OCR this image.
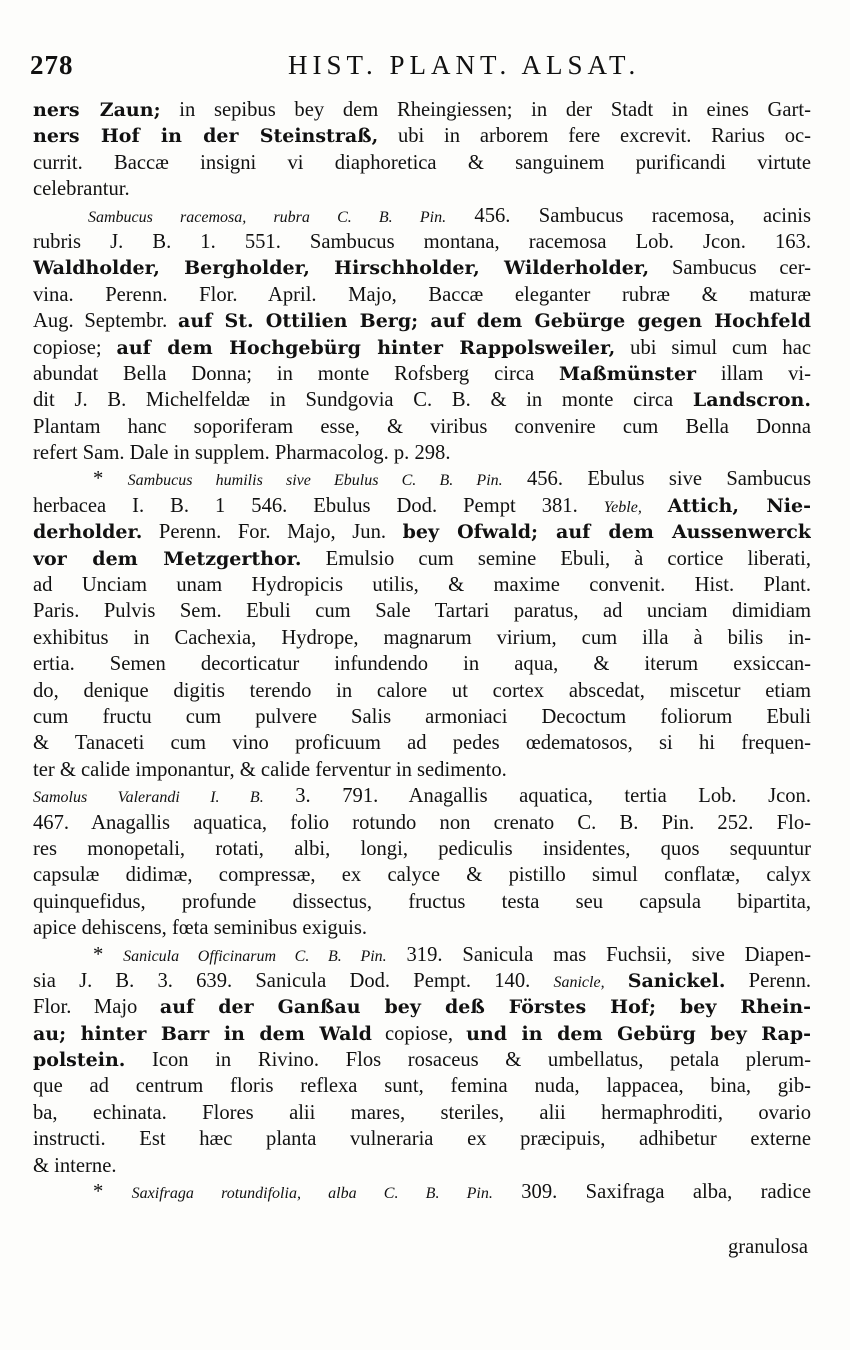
278	HIST. PLANT. ALSAT.
ners Zaun; in sepibus bey dem Rheingiessen; in der Stadt in eines Gart-
ners Hof in der Steinstraß, ubi in arborem fere excrevit. Rarius oc-
currit. Baccæ insigni vi diaphoretica & sanguinem purificandi virtute
celebrantur.
Sambucus racemosa, rubra C. B. Pin. 456. Sambucus racemosa, acinis
rubris J. B. 1. 551. Sambucus montana, racemosa Lob. Jcon. 163.
Waldholder, Bergholder, Hirschholder, Wilderholder, Sambucus cer-
vina. Perenn. Flor. April. Majo, Baccæ eleganter rubræ & maturæ
Aug. Septembr. auf St. Ottilien Berg; auf dem Gebürge gegen Hochfeld
copiose; auf dem Hochgebürg hinter Rappolsweiler, ubi simul cum hac
abundat Bella Donna; in monte Rofsberg circa Maßmünster illam vi-
dit J. B. Michelfeldæ in Sundgovia C. B. & in monte circa Landscron.
Plantam hanc soporiferam esse, & viribus convenire cum Bella Donna
refert Sam. Dale in supplem. Pharmacolog. p. 298.
* Sambucus humilis sive Ebulus C. B. Pin. 456. Ebulus sive Sambucus
herbacea I. B. 1 546. Ebulus Dod. Pempt 381. Yeble, Attich, Nie-
derholder. Perenn. For. Majo, Jun. bey Ofwald; auf dem Aussenwerck
vor dem Metzgerthor. Emulsio cum semine Ebuli, à cortice liberati,
ad Unciam unam Hydropicis utilis, & maxime convenit. Hist. Plant.
Paris. Pulvis Sem. Ebuli cum Sale Tartari paratus, ad unciam dimidiam
exhibitus in Cachexia, Hydrope, magnarum virium, cum illa à bilis in-
ertia. Semen decorticatur infundendo in aqua, & iterum exsiccan-
do, denique digitis terendo in calore ut cortex abscedat, miscetur etiam
cum fructu cum pulvere Salis armoniaci Decoctum foliorum Ebuli
& Tanaceti cum vino proficuum ad pedes œdematosos, si hi frequen-
ter & calide imponantur, & calide ferventur in sedimento.
Samolus Valerandi I. B. 3. 791. Anagallis aquatica, tertia Lob. Jcon.
467. Anagallis aquatica, folio rotundo non crenato C. B. Pin. 252. Flo-
res monopetali, rotati, albi, longi, pediculis insidentes, quos sequuntur
capsulæ didimæ, compressæ, ex calyce & pistillo simul conflatæ, calyx
quinquefidus, profunde dissectus, fructus testa seu capsula bipartita,
apice dehiscens, fœta seminibus exiguis.
* Sanicula Officinarum C. B. Pin. 319. Sanicula mas Fuchsii, sive Diapen-
sia J. B. 3. 639. Sanicula Dod. Pempt. 140. Sanicle, Sanickel. Perenn.
Flor. Majo auf der Ganßau bey deß Förstes Hof; bey Rhein-
au; hinter Barr in dem Wald copiose, und in dem Gebürg bey Rap-
polstein. Icon in Rivino. Flos rosaceus & umbellatus, petala plerum-
que ad centrum floris reflexa sunt, femina nuda, lappacea, bina, gib-
ba, echinata. Flores alii mares, steriles, alii hermaphroditi, ovario
instructi. Est hæc planta vulneraria ex præcipuis, adhibetur externe
& interne.
* Saxifraga rotundifolia, alba C. B. Pin. 309. Saxifraga alba, radice
granulosa
